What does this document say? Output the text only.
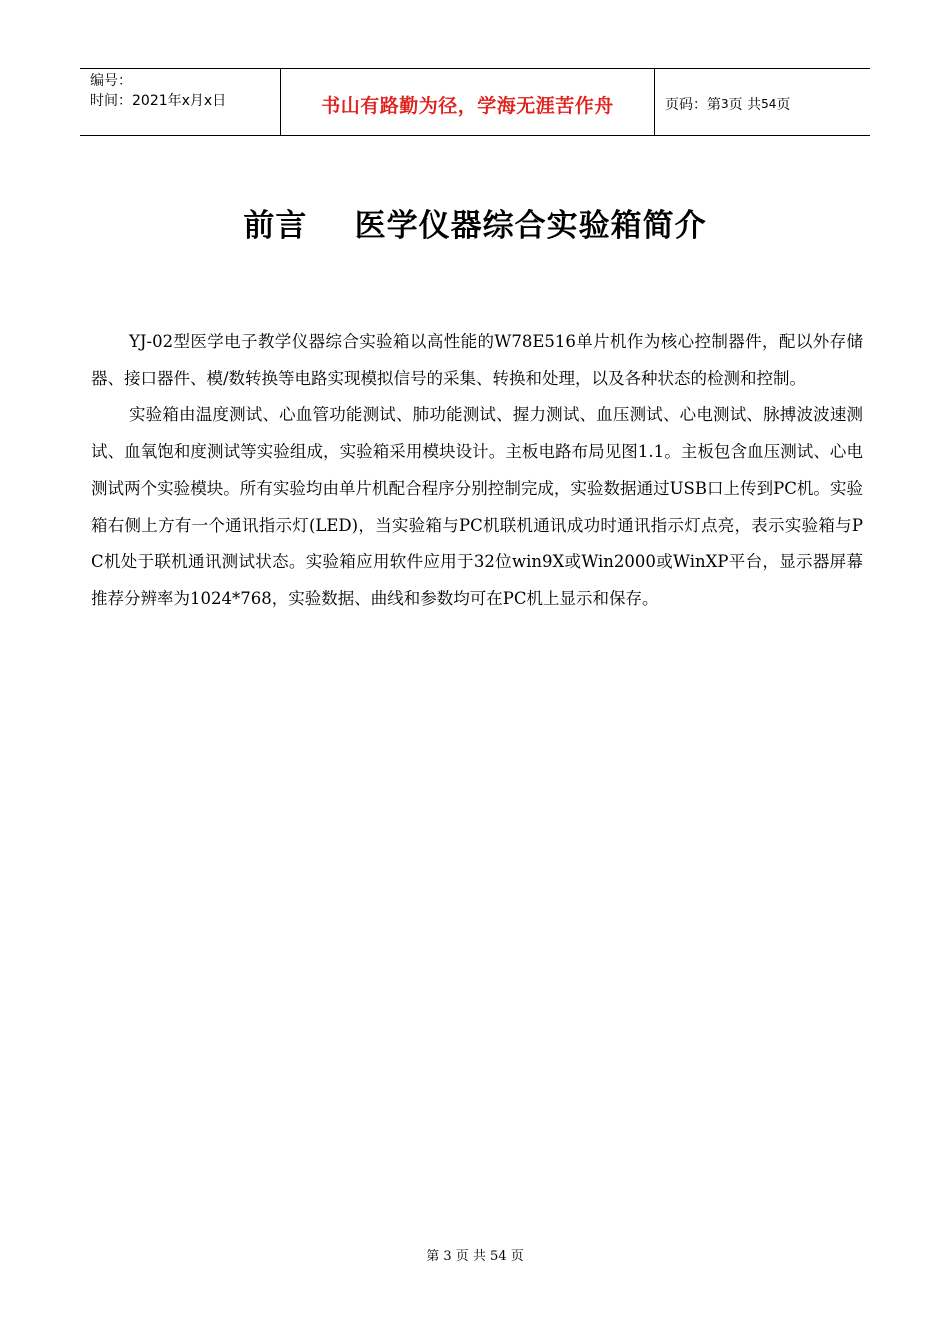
编号：
时间：2021年x月x日	书山有路勤为径，学海无涯苦作舟	页码：第 3 页 共 54 页
前言    医学仪器综合实验箱简介

YJ-02型医学电子教学仪器综合实验箱以高性能的W78E516单片机作为核心控制器件，配以外存储器、接口器件、模/数转换等电路实现模拟信号的采集、转换和处理，以及各种状态的检测和控制。

实验箱由温度测试、心血管功能测试、肺功能测试、握力测试、血压测试、心电测试、脉搏波波速测试、血氧饱和度测试等实验组成，实验箱采用模块设计。主板电路布局见图1.1。主板包含血压测试、心电测试两个实验模块。所有实验均由单片机配合程序分别控制完成，实验数据通过USB口上传到PC机。实验箱右侧上方有一个通讯指示灯(LED)，当实验箱与PC机联机通讯成功时通讯指示灯点亮，表示实验箱与PC机处于联机通讯测试状态。实验箱应用软件应用于32位win9X或Win2000或WinXP平台，显示器屏幕推荐分辨率为1024*768，实验数据、曲线和参数均可在PC机上显示和保存。

第 3 页 共 54 页
